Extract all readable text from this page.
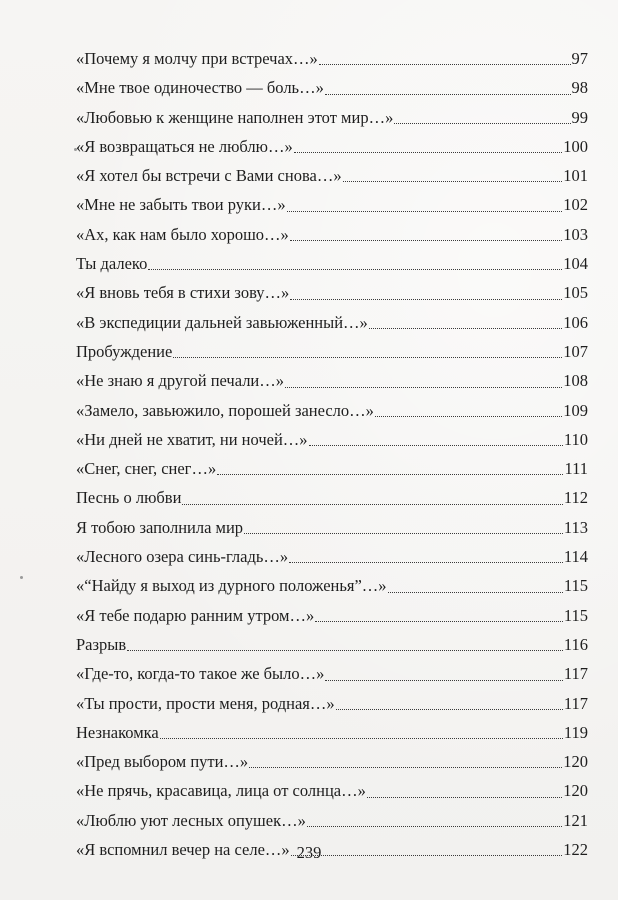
«Почему я молчу при встречах…»	97
«Мне твое одиночество — боль…»	98
«Любовью к женщине наполнен этот мир…»	99
«Я возвращаться не люблю…»	100
«Я хотел бы встречи с Вами снова…»	101
«Мне не забыть твои руки…»	102
«Ах, как нам было хорошо…»	103
Ты далеко	104
«Я вновь тебя в стихи зову…»	105
«В экспедиции дальней завьюженный…»	106
Пробуждение	107
«Не знаю я другой печали…»	108
«Замело, завьюжило, порошей занесло…»	109
«Ни дней не хватит, ни ночей…»	110
«Снег, снег, снег…»	111
Песнь о любви	112
Я тобою заполнила мир	113
«Лесного озера синь-гладь…»	114
«“Найду я выход из дурного положенья”…»	115
«Я тебе подарю ранним утром…»	115
Разрыв	116
«Где-то, когда-то такое же было…»	117
«Ты прости, прости меня, родная…»	117
Незнакомка	119
«Пред выбором пути…»	120
«Не прячь, красавица, лица от солнца…»	120
«Люблю уют лесных опушек…»	121
«Я вспомнил вечер на селе…»	122
239
